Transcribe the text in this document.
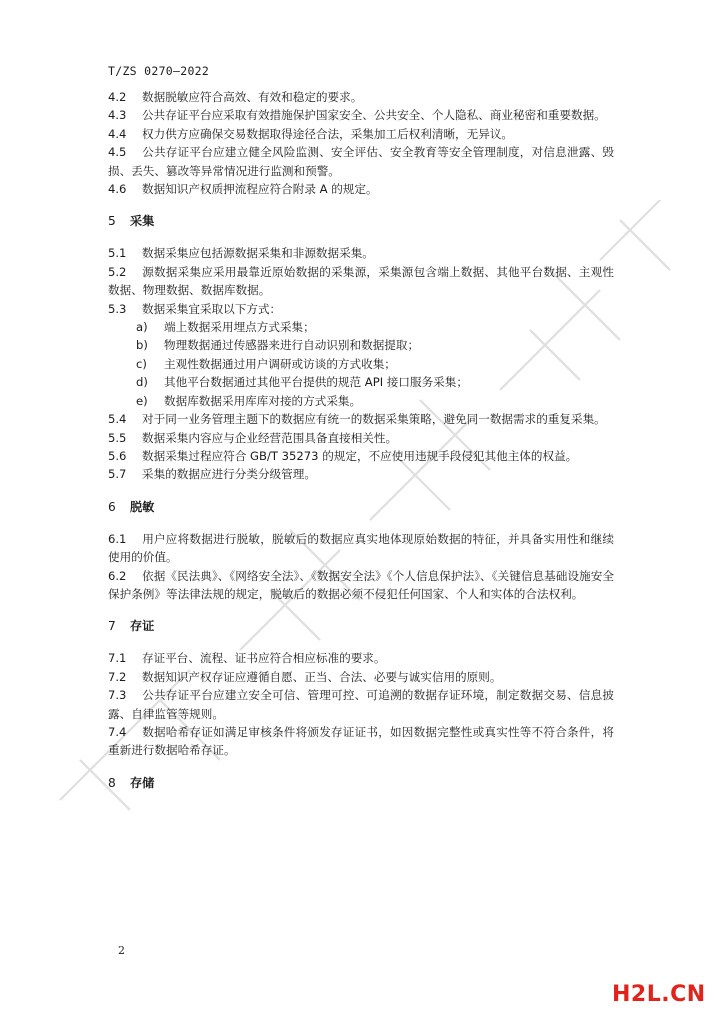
T/ZS 0270—2022

4.2 数据脱敏应符合高效、有效和稳定的要求。

4.3 公共存证平台应采取有效措施保护国家安全、公共安全、个人隐私、商业秘密和重要数据。

4.4 权力供方应确保交易数据取得途径合法，采集加工后权利清晰，无异议。

4.5 公共存证平台应建立健全风险监测、安全评估、安全教育等安全管理制度，对信息泄露、毁损、丢失、篡改等异常情况进行监测和预警。

4.6 数据知识产权质押流程应符合附录 A 的规定。

5 采集

5.1 数据采集应包括源数据采集和非源数据采集。

5.2 源数据采集应采用最靠近原始数据的采集源，采集源包含端上数据、其他平台数据、主观性数据、物理数据、数据库数据。

5.3 数据采集宜采取以下方式：

a) 端上数据采用埋点方式采集；

b) 物理数据通过传感器来进行自动识别和数据提取；

c) 主观性数据通过用户调研或访谈的方式收集；

d) 其他平台数据通过其他平台提供的规范 API 接口服务采集；

e) 数据库数据采用库库对接的方式采集。

5.4 对于同一业务管理主题下的数据应有统一的数据采集策略，避免同一数据需求的重复采集。

5.5 数据采集内容应与企业经营范围具备直接相关性。

5.6 数据采集过程应符合 GB/T 35273 的规定，不应使用违规手段侵犯其他主体的权益。

5.7 采集的数据应进行分类分级管理。

6 脱敏

6.1 用户应将数据进行脱敏，脱敏后的数据应真实地体现原始数据的特征，并具备实用性和继续使用的价值。

6.2 依据《民法典》、《网络安全法》、《数据安全法》《个人信息保护法》、《关键信息基础设施安全保护条例》等法律法规的规定，脱敏后的数据必须不侵犯任何国家、个人和实体的合法权利。

7 存证

7.1 存证平台、流程、证书应符合相应标准的要求。

7.2 数据知识产权存证应遵循自愿、正当、合法、必要与诚实信用的原则。

7.3 公共存证平台应建立安全可信、管理可控、可追溯的数据存证环境，制定数据交易、信息披露、自律监管等规则。

7.4 数据哈希存证如满足审核条件将颁发存证证书，如因数据完整性或真实性等不符合条件，将重新进行数据哈希存证。

8 存储

2
H2L.CN
